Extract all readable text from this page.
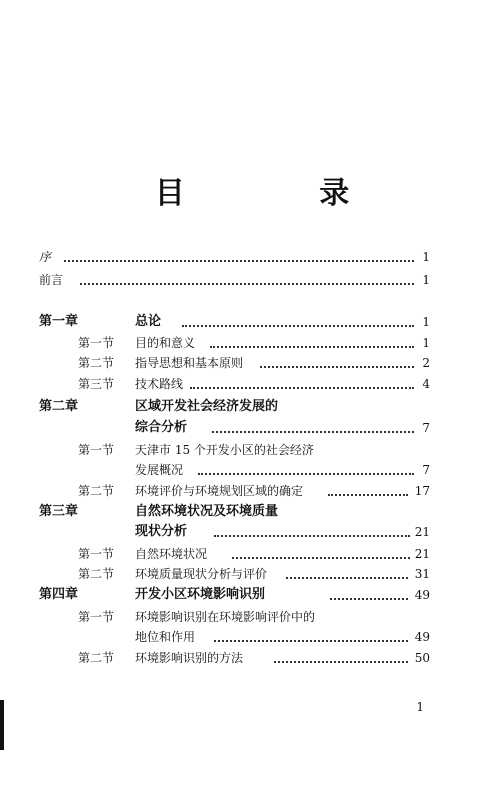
目 录
序	1
前言	1
第一章	总论	1
第一节 目的和意义	1
第二节 指导思想和基本原则	2
第三节 技术路线	4
第二章	区域开发社会经济发展的
综合分析	7
第一节 天津市 15 个开发小区的社会经济
发展概况	7
第二节 环境评价与环境规划区域的确定	17
第三章	自然环境状况及环境质量
现状分析	21
第一节 自然环境状况	21
第二节 环境质量现状分析与评价	31
第四章	开发小区环境影响识别	49
第一节 环境影响识别在环境影响评价中的
地位和作用	49
第二节 环境影响识别的方法	50
1
